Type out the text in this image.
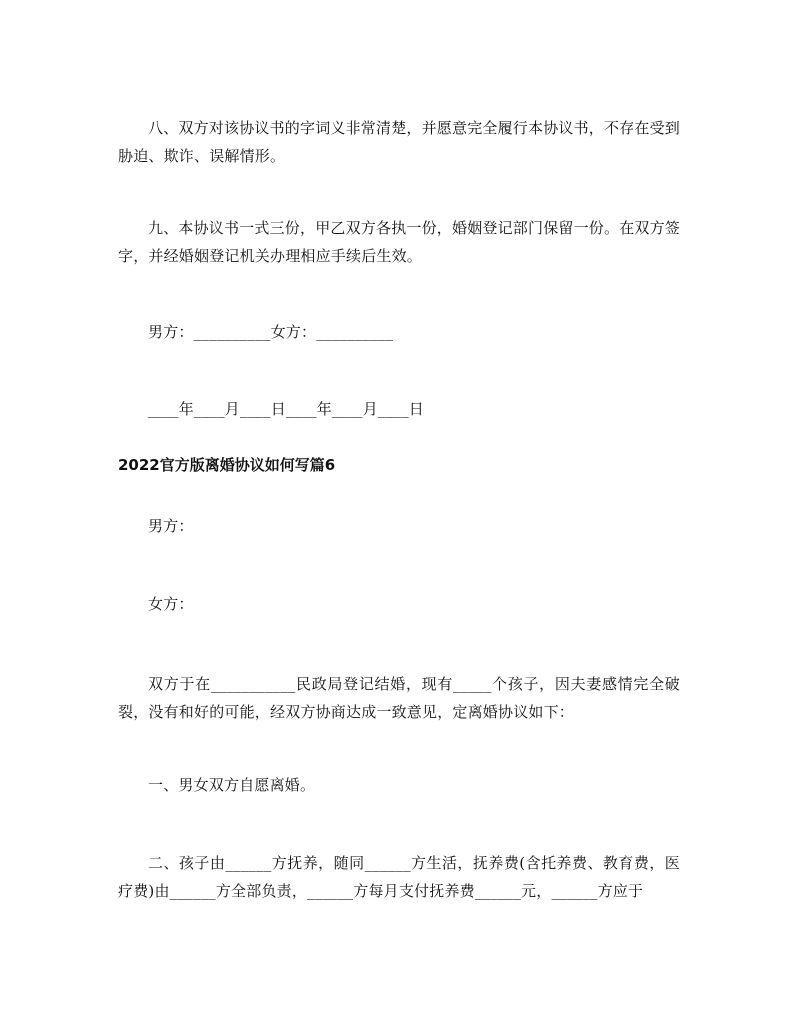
八、双方对该协议书的字词义非常清楚，并愿意完全履行本协议书，不存在受到胁迫、欺诈、误解情形。

九、本协议书一式三份，甲乙双方各执一份，婚姻登记部门保留一份。在双方签字，并经婚姻登记机关办理相应手续后生效。

男方：__________女方：__________

____年____月____日____年____月____日

2022官方版离婚协议如何写篇6

男方：

女方：

双方于在___________民政局登记结婚，现有_____个孩子，因夫妻感情完全破裂，没有和好的可能，经双方协商达成一致意见，定离婚协议如下：

一、男女双方自愿离婚。

二、孩子由______方抚养，随同______方生活，抚养费(含托养费、教育费，医疗费)由______方全部负责，______方每月支付抚养费______元，______方应于
